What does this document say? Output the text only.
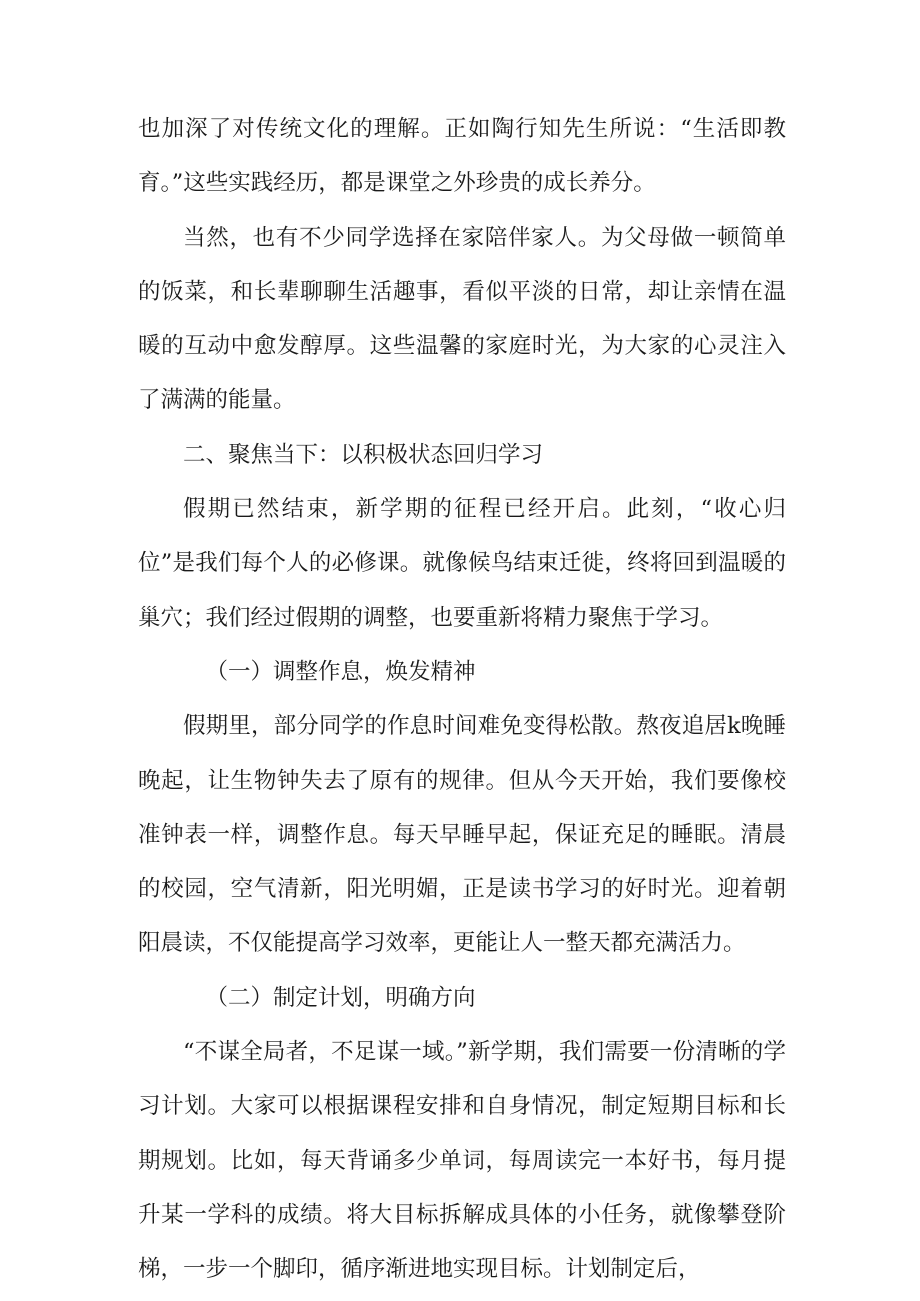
也加深了对传统文化的理解。正如陶行知先生所说：“生活即教育。”这些实践经历，都是课堂之外珍贵的成长养分。

当然，也有不少同学选择在家陪伴家人。为父母做一顿简单的饭菜，和长辈聊聊生活趣事，看似平淡的日常，却让亲情在温暖的互动中愈发醇厚。这些温馨的家庭时光，为大家的心灵注入了满满的能量。

二、聚焦当下：以积极状态回归学习

假期已然结束，新学期的征程已经开启。此刻，“收心归位”是我们每个人的必修课。就像候鸟结束迁徙，终将回到温暖的巢穴；我们经过假期的调整，也要重新将精力聚焦于学习。

（一）调整作息，焕发精神

假期里，部分同学的作息时间难免变得松散。熬夜追居k晚睡晚起，让生物钟失去了原有的规律。但从今天开始，我们要像校准钟表一样，调整作息。每天早睡早起，保证充足的睡眠。清晨的校园，空气清新，阳光明媚，正是读书学习的好时光。迎着朝阳晨读，不仅能提高学习效率，更能让人一整天都充满活力。

（二）制定计划，明确方向

“不谋全局者，不足谋一域。”新学期，我们需要一份清晰的学习计划。大家可以根据课程安排和自身情况，制定短期目标和长期规划。比如，每天背诵多少单词，每周读完一本好书，每月提升某一学科的成绩。将大目标拆解成具体的小任务，就像攀登阶梯，一步一个脚印，循序渐进地实现目标。计划制定后，
